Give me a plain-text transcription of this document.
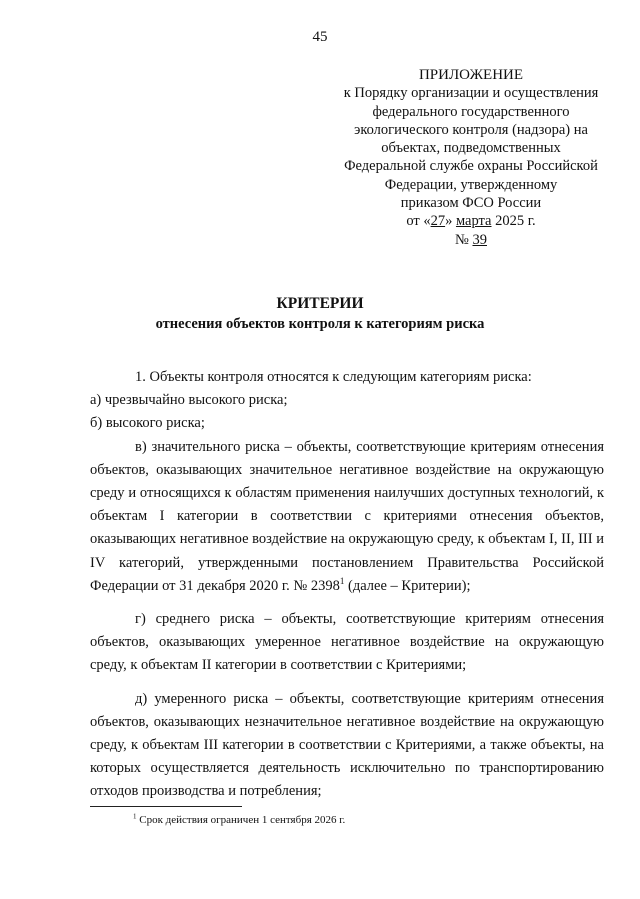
45
ПРИЛОЖЕНИЕ
к Порядку организации и осуществления
федерального государственного
экологического контроля (надзора) на
объектах, подведомственных
Федеральной службе охраны Российской
Федерации, утвержденному
приказом ФСО России
от «27» марта 2025 г.
№ 39
КРИТЕРИИ
отнесения объектов контроля к категориям риска

1. Объекты контроля относятся к следующим категориям риска:

а) чрезвычайно высокого риска;

б) высокого риска;

в) значительного риска – объекты, соответствующие критериям отнесения объектов, оказывающих значительное негативное воздействие на окружающую среду и относящихся к областям применения наилучших доступных технологий, к объектам I категории в соответствии с критериями отнесения объектов, оказывающих негативное воздействие на окружающую среду, к объектам I, II, III и IV категорий, утвержденными постановлением Правительства Российской Федерации от 31 декабря 2020 г. № 2398$^1$ (далее – Критерии);

г) среднего риска – объекты, соответствующие критериям отнесения объектов, оказывающих умеренное негативное воздействие на окружающую среду, к объектам II категории в соответствии с Критериями;

д) умеренного риска – объекты, соответствующие критериям отнесения объектов, оказывающих незначительное негативное воздействие на окружающую среду, к объектам III категории в соответствии с Критериями, а также объекты, на которых осуществляется деятельность исключительно по транспортированию отходов производства и потребления;

$^1$ Срок действия ограничен 1 сентября 2026 г.
